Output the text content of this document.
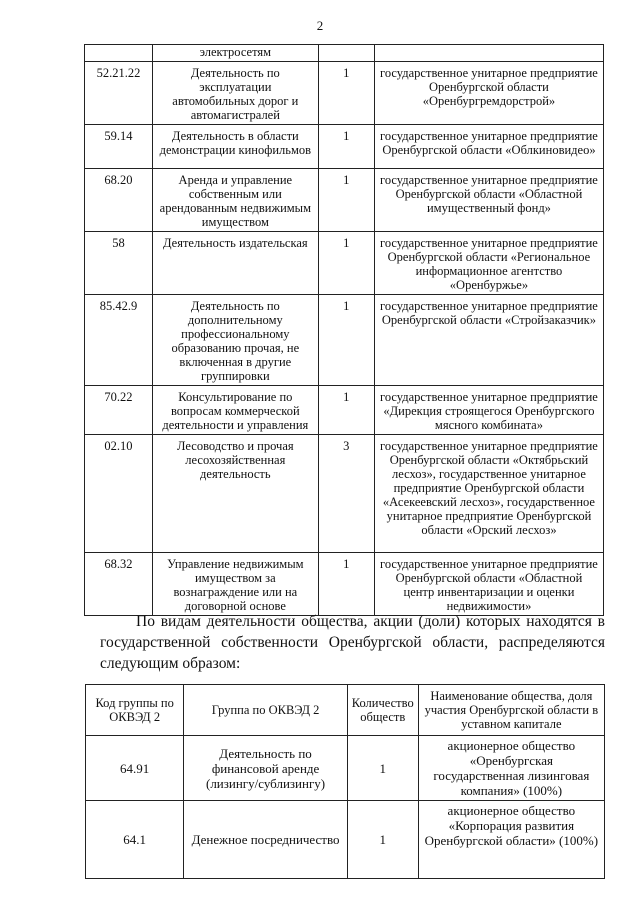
2
	электросетям		
52.21.22	Деятельность по эксплуатации автомобильных дорог и автомагистралей	1	государственное унитарное предприятие Оренбургской области «Оренбургремдорстрой»
59.14	Деятельность в области демонстрации кинофильмов	1	государственное унитарное предприятие Оренбургской области «Облкиновидео»
68.20	Аренда и управление собственным или арендованным недвижимым имуществом	1	государственное унитарное предприятие Оренбургской области «Областной имущественный фонд»
58	Деятельность издательская	1	государственное унитарное предприятие Оренбургской области «Региональное информационное агентство «Оренбуржье»
85.42.9	Деятельность по дополнительному профессиональному образованию прочая, не включенная в другие группировки	1	государственное унитарное предприятие Оренбургской области «Стройзаказчик»
70.22	Консультирование по вопросам коммерческой деятельности и управления	1	государственное унитарное предприятие «Дирекция строящегося Оренбургского мясного комбината»
02.10	Лесоводство и прочая лесохозяйственная деятельность	3	государственное унитарное предприятие Оренбургской области «Октябрьский лесхоз», государственное унитарное предприятие Оренбургской области «Асекеевский лесхоз», государственное унитарное предприятие Оренбургской области «Орский лесхоз»
68.32	Управление недвижимым имуществом за вознаграждение или на договорной основе	1	государственное унитарное предприятие Оренбургской области «Областной центр инвентаризации и оценки недвижимости»
По видам деятельности общества, акции (доли) которых находятся в государственной собственности Оренбургской области, распределяются следующим образом:
Код группы по ОКВЭД 2	Группа по ОКВЭД 2	Количество обществ	Наименование общества, доля участия Оренбургской области в уставном капитале
64.91	Деятельность по финансовой аренде (лизингу/сублизингу)	1	акционерное общество «Оренбургская государственная лизинговая компания» (100%)
64.1	Денежное посредничество	1	акционерное общество «Корпорация развития Оренбургской области» (100%)
